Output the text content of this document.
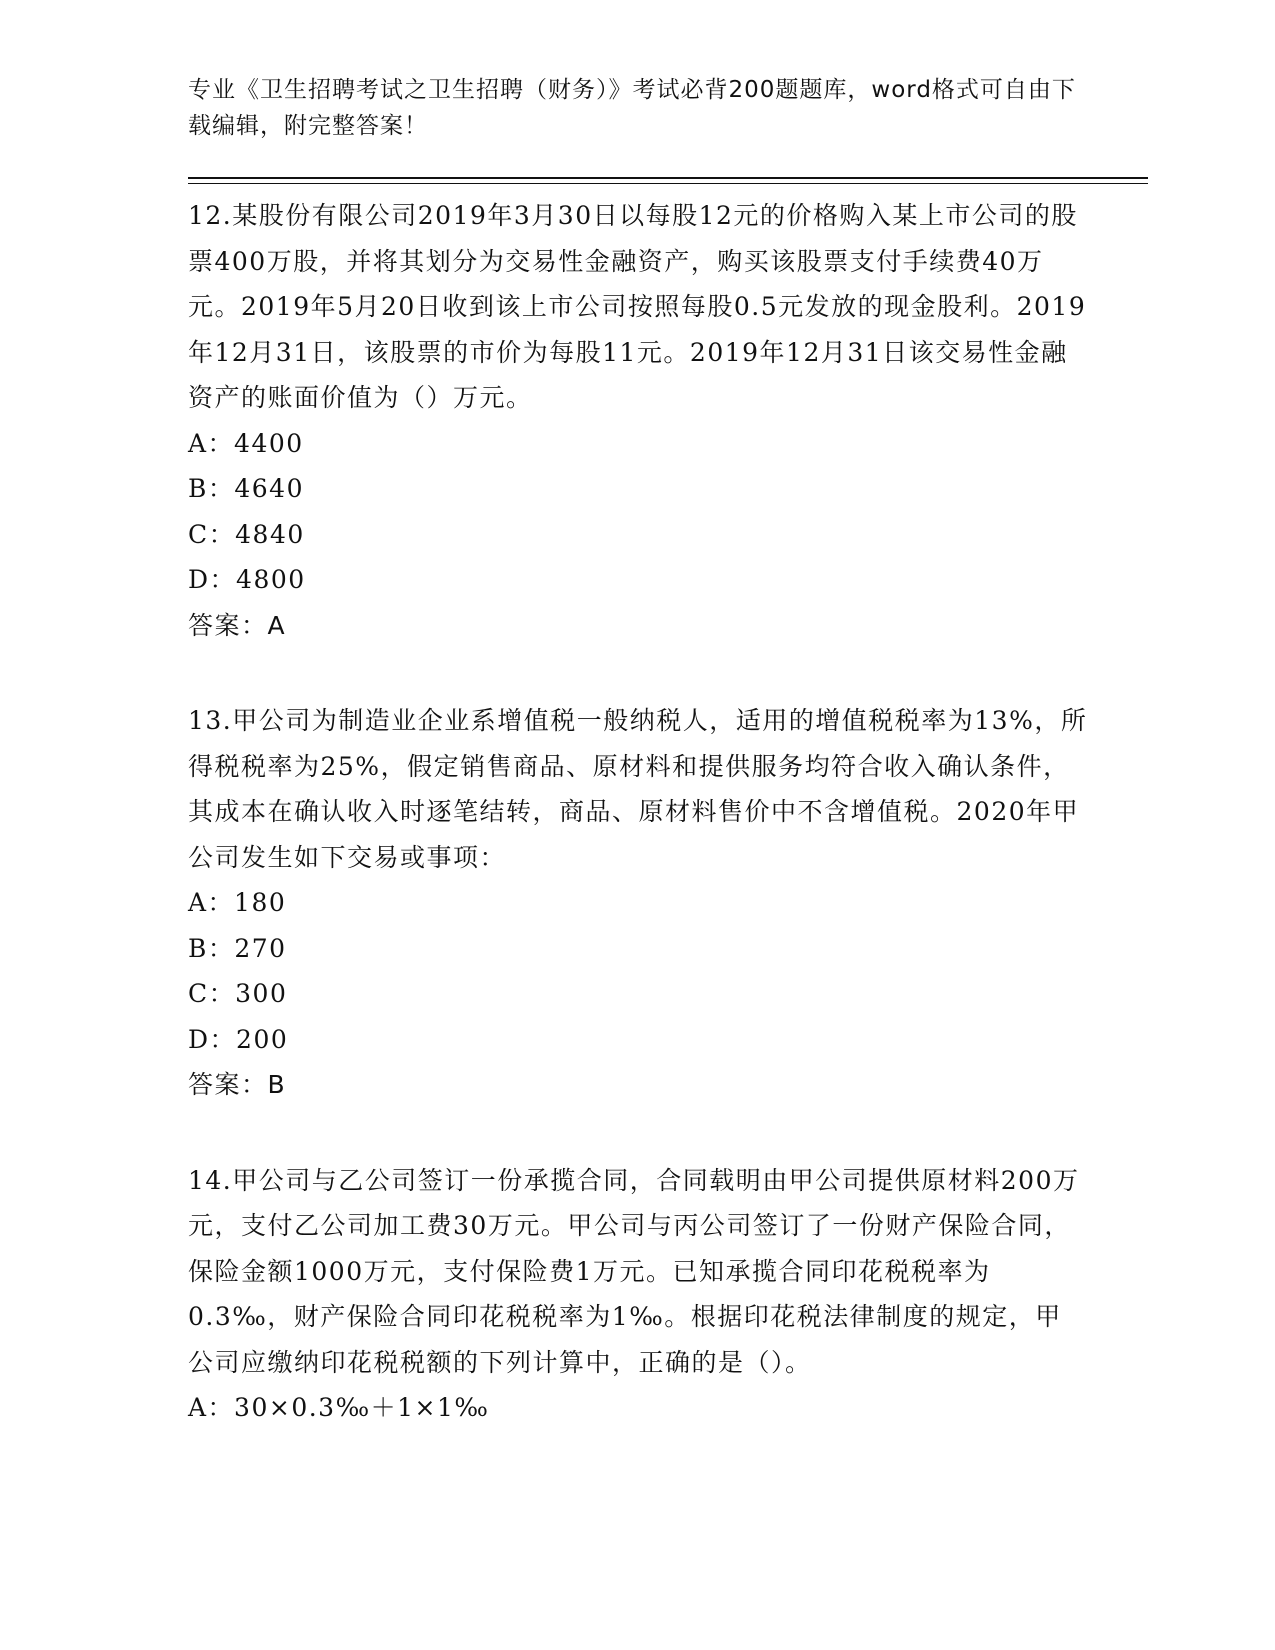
专业《卫生招聘考试之卫生招聘（财务）》考试必背200题题库，word格式可自由下载编辑，附完整答案！
12.某股份有限公司2019年3月30日以每股12元的价格购入某上市公司的股票400万股，并将其划分为交易性金融资产，购买该股票支付手续费40万元。2019年5月20日收到该上市公司按照每股0.5元发放的现金股利。2019年12月31日，该股票的市价为每股11元。2019年12月31日该交易性金融资产的账面价值为（）万元。
A：4400
B：4640
C：4840
D：4800
答案：A
13.甲公司为制造业企业系增值税一般纳税人，适用的增值税税率为13%，所得税税率为25%，假定销售商品、原材料和提供服务均符合收入确认条件，其成本在确认收入时逐笔结转，商品、原材料售价中不含增值税。2020年甲公司发生如下交易或事项：
A：180
B：270
C：300
D：200
答案：B
14.甲公司与乙公司签订一份承揽合同，合同载明由甲公司提供原材料200万元，支付乙公司加工费30万元。甲公司与丙公司签订了一份财产保险合同，保险金额1000万元，支付保险费1万元。已知承揽合同印花税税率为0.3‰，财产保险合同印花税税率为1‰。根据印花税法律制度的规定，甲公司应缴纳印花税税额的下列计算中，正确的是（）。
A：30×0.3‰＋1×1‰
